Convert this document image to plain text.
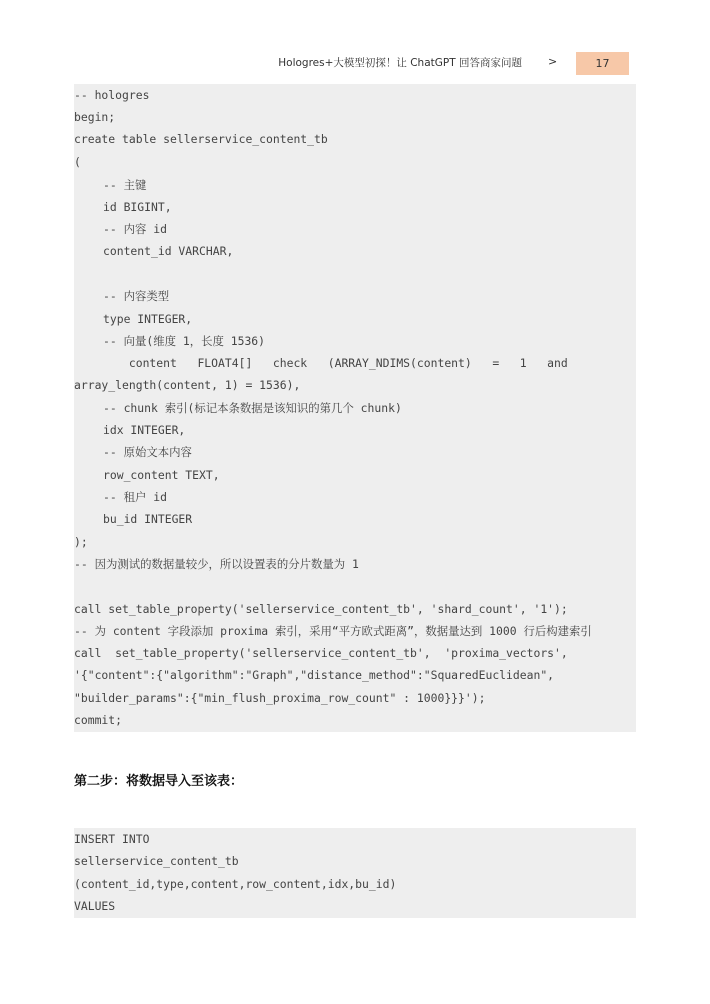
Hologres+大模型初探！让 ChatGPT 回答商家问题 >	17
-- hologres
begin;
create table sellerservice_content_tb
(
-- 主键
id BIGINT,
-- 内容 id
content_id VARCHAR,
-- 内容类型
type INTEGER,
-- 向量(维度 1，长度 1536)
content   FLOAT4[]   check   (ARRAY_NDIMS(content)   =   1   and
array_length(content, 1) = 1536),
-- chunk 索引(标记本条数据是该知识的第几个 chunk)
idx INTEGER,
-- 原始文本内容
row_content TEXT,
-- 租户 id
bu_id INTEGER
);
-- 因为测试的数据量较少，所以设置表的分片数量为 1
call set_table_property('sellerservice_content_tb', 'shard_count', '1');
-- 为 content 字段添加 proxima 索引，采用“平方欧式距离”，数据量达到 1000 行后构建索引
call  set_table_property('sellerservice_content_tb',  'proxima_vectors',
'{"content":{"algorithm":"Graph","distance_method":"SquaredEuclidean",
"builder_params":{"min_flush_proxima_row_count" : 1000}}}');
commit;
第二步：将数据导入至该表：
INSERT INTO
sellerservice_content_tb
(content_id,type,content,row_content,idx,bu_id)
VALUES
